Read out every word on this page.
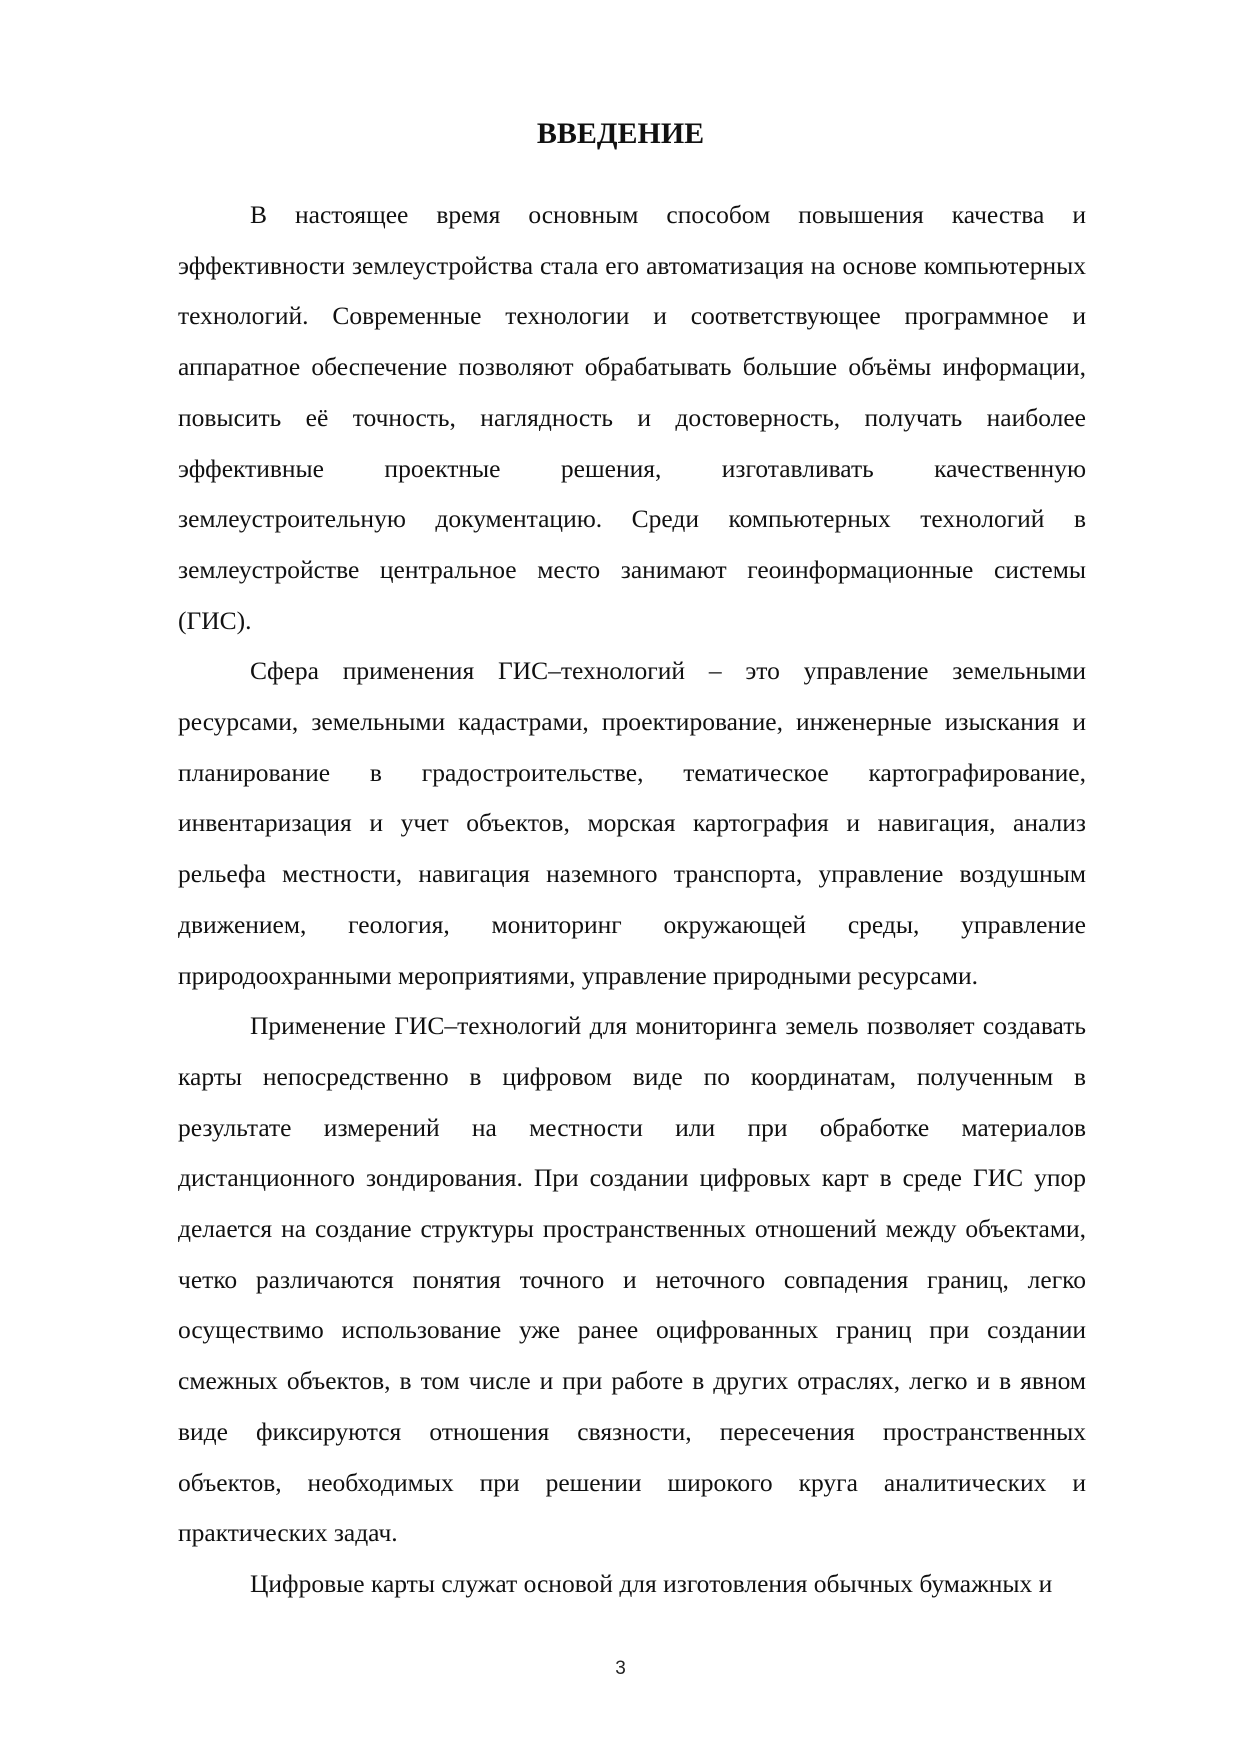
ВВЕДЕНИЕ

В настоящее время основным способом повышения качества и эффективности землеустройства стала его автоматизация на основе компьютерных технологий. Современные технологии и соответствующее программное и аппаратное обеспечение позволяют обрабатывать большие объёмы информации, повысить её точность, наглядность и достоверность, получать наиболее эффективные проектные решения, изготавливать качественную землеустроительную документацию. Среди компьютерных технологий в землеустройстве центральное место занимают геоинформационные системы (ГИС).

Сфера применения ГИС–технологий – это управление земельными ресурсами, земельными кадастрами, проектирование, инженерные изыскания и планирование в градостроительстве, тематическое картографирование, инвентаризация и учет объектов, морская картография и навигация, анализ рельефа местности, навигация наземного транспорта, управление воздушным движением, геология, мониторинг окружающей среды, управление природоохранными мероприятиями, управление природными ресурсами.

Применение ГИС–технологий для мониторинга земель позволяет создавать карты непосредственно в цифровом виде по координатам, полученным в результате измерений на местности или при обработке материалов дистанционного зондирования. При создании цифровых карт в среде ГИС упор делается на создание структуры пространственных отношений между объектами, четко различаются понятия точного и неточного совпадения границ, легко осуществимо использование уже ранее оцифрованных границ при создании смежных объектов, в том числе и при работе в других отраслях, легко и в явном виде фиксируются отношения связности, пересечения пространственных объектов, необходимых при решении широкого круга аналитических и практических задач.

Цифровые карты служат основой для изготовления обычных бумажных и

3
